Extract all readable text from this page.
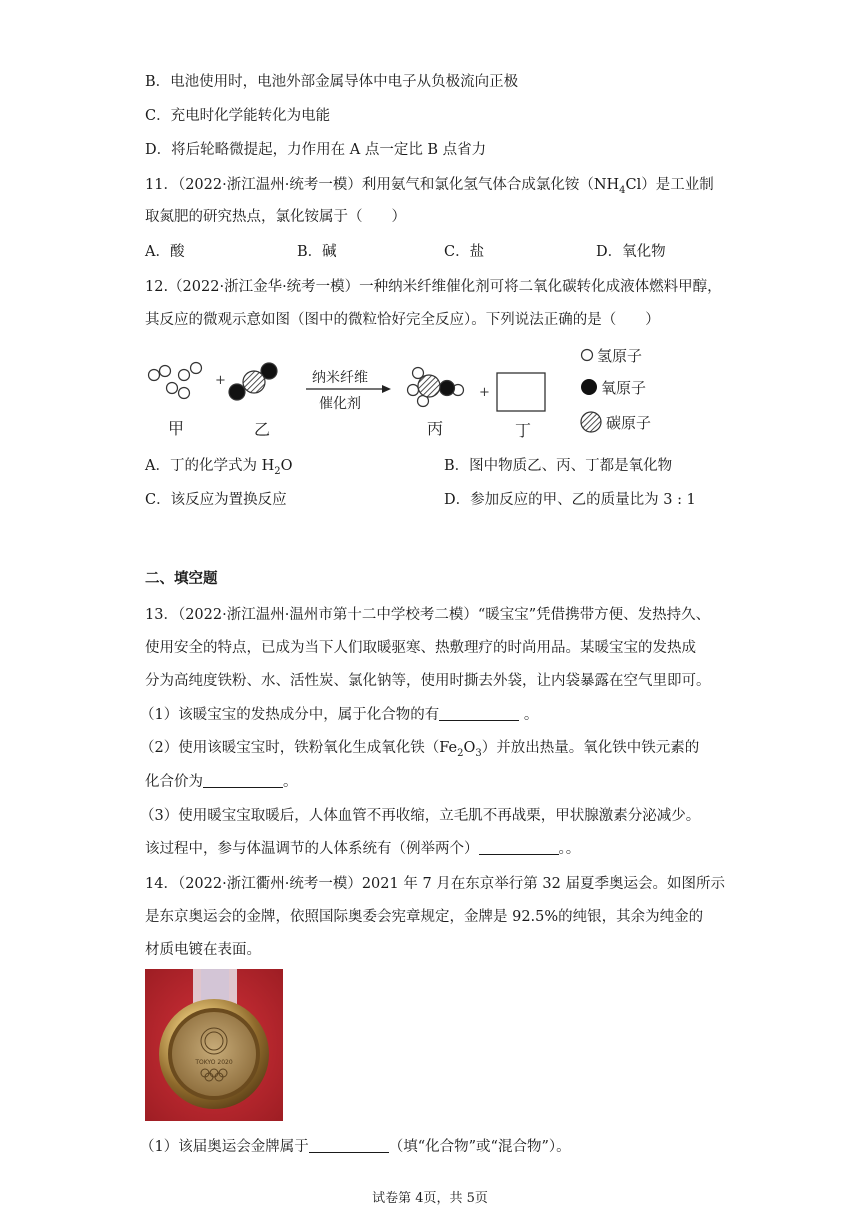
B．电池使用时，电池外部金属导体中电子从负极流向正极
C．充电时化学能转化为电能
D．将后轮略微提起，力作用在 A 点一定比 B 点省力
11．（2022·浙江温州·统考一模）利用氨气和氯化氢气体合成氯化铵$(NH_4Cl)$是工业制
取氮肥的研究热点，氯化铵属于（　　）
A．酸	B．碱	C．盐	D．氧化物
12.（2022·浙江金华·统考一模）一种纳米纤维催化剂可将二氧化碳转化成液体燃料甲醇，
其反应的微观示意如图（图中的微粒恰好完全反应）。下列说法正确的是（　　）
+	纳米纤维
催化剂
+
甲	乙	丙	丁
氢原子
氧原子
碳原子
A．丁的化学式为 $H_2O$	B．图中物质乙、丙、丁都是氧化物
C．该反应为置换反应	D．参加反应的甲、乙的质量比为 3 : 1
二、填空题
13．（2022·浙江温州·温州市第十二中学校考二模）“暖宝宝”凭借携带方便、发热持久、
使用安全的特点，已成为当下人们取暖驱寒、热敷理疗的时尚用品。某暖宝宝的发热成
分为高纯度铁粉、水、活性炭、氯化钠等，使用时撕去外袋，让内袋暴露在空气里即可。
（1）该暖宝宝的发热成分中，属于化合物的有	。
（2）使用该暖宝宝时，铁粉氧化生成氧化铁$(Fe_2O_3)$并放出热量。氧化铁中铁元素的
化合价为	。
（3）使用暖宝宝取暖后，人体血管不再收缩，立毛肌不再战栗，甲状腺激素分泌减少。
该过程中，参与体温调节的人体系统有（例举两个）	。。
14．（2022·浙江衢州·统考一模）2021 年 7 月在东京举行第 32 届夏季奥运会。如图所示
是东京奥运会的金牌，依照国际奥委会宪章规定，金牌是 92.5%的纯银，其余为纯金的
材质电镀在表面。
TOKYO 2020
（1）该届奥运会金牌属于	（填“化合物”或“混合物”）。
试卷第 4页，共 5页
